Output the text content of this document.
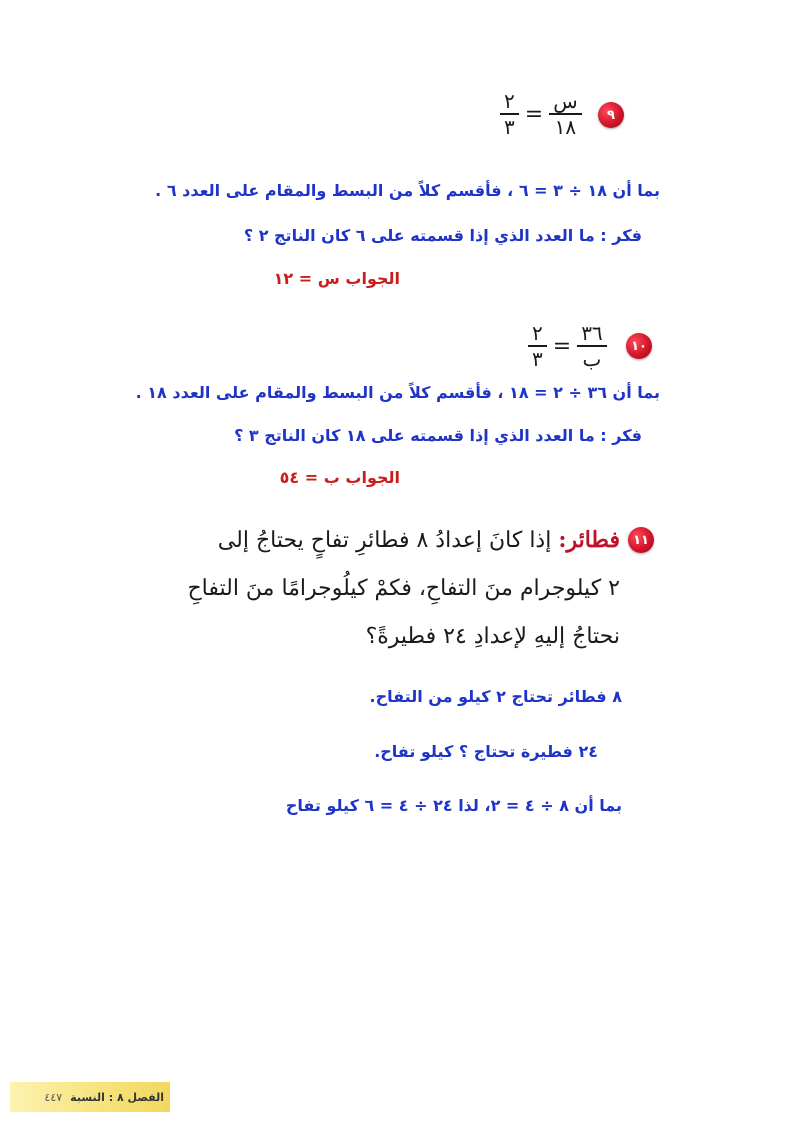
٩
$\frac{٢}{٣} = \frac{\text{س}}{١٨}$
بما أن ١٨ ÷ ٣ = ٦ ، فأقسم كلاً من البسط والمقام على العدد ٦ .
فكر : ما العدد الذي إذا قسمته على ٦ كان الناتج ٢ ؟
الجواب س = ١٢
١٠
$\frac{٢}{٣} = \frac{٣٦}{\text{ب}}$
بما أن ٣٦ ÷ ٢ = ١٨ ، فأقسم كلاً من البسط والمقام على العدد ١٨ .
فكر : ما العدد الذي إذا قسمته على ١٨ كان الناتج ٣ ؟
الجواب ب = ٥٤
١١
فطائر: إذا كانَ إعدادُ ٨ فطائرِ تفاحٍ يحتاجُ إلى
٢ كيلوجرام منَ التفاحِ، فكمْ كيلُوجرامًا منَ التفاحِ
نحتاجُ إليهِ لإعدادِ ٢٤ فطيرةً؟
٨ فطائر تحتاج ٢ كيلو من التفاح.
٢٤ فطيرة تحتاج ؟ كيلو تفاح.
بما أن ٨ ÷ ٤ = ٢، لذا ٢٤ ÷ ٤ = ٦ كيلو تفاح
٤٤٧ الفصل ٨ : النسبة
